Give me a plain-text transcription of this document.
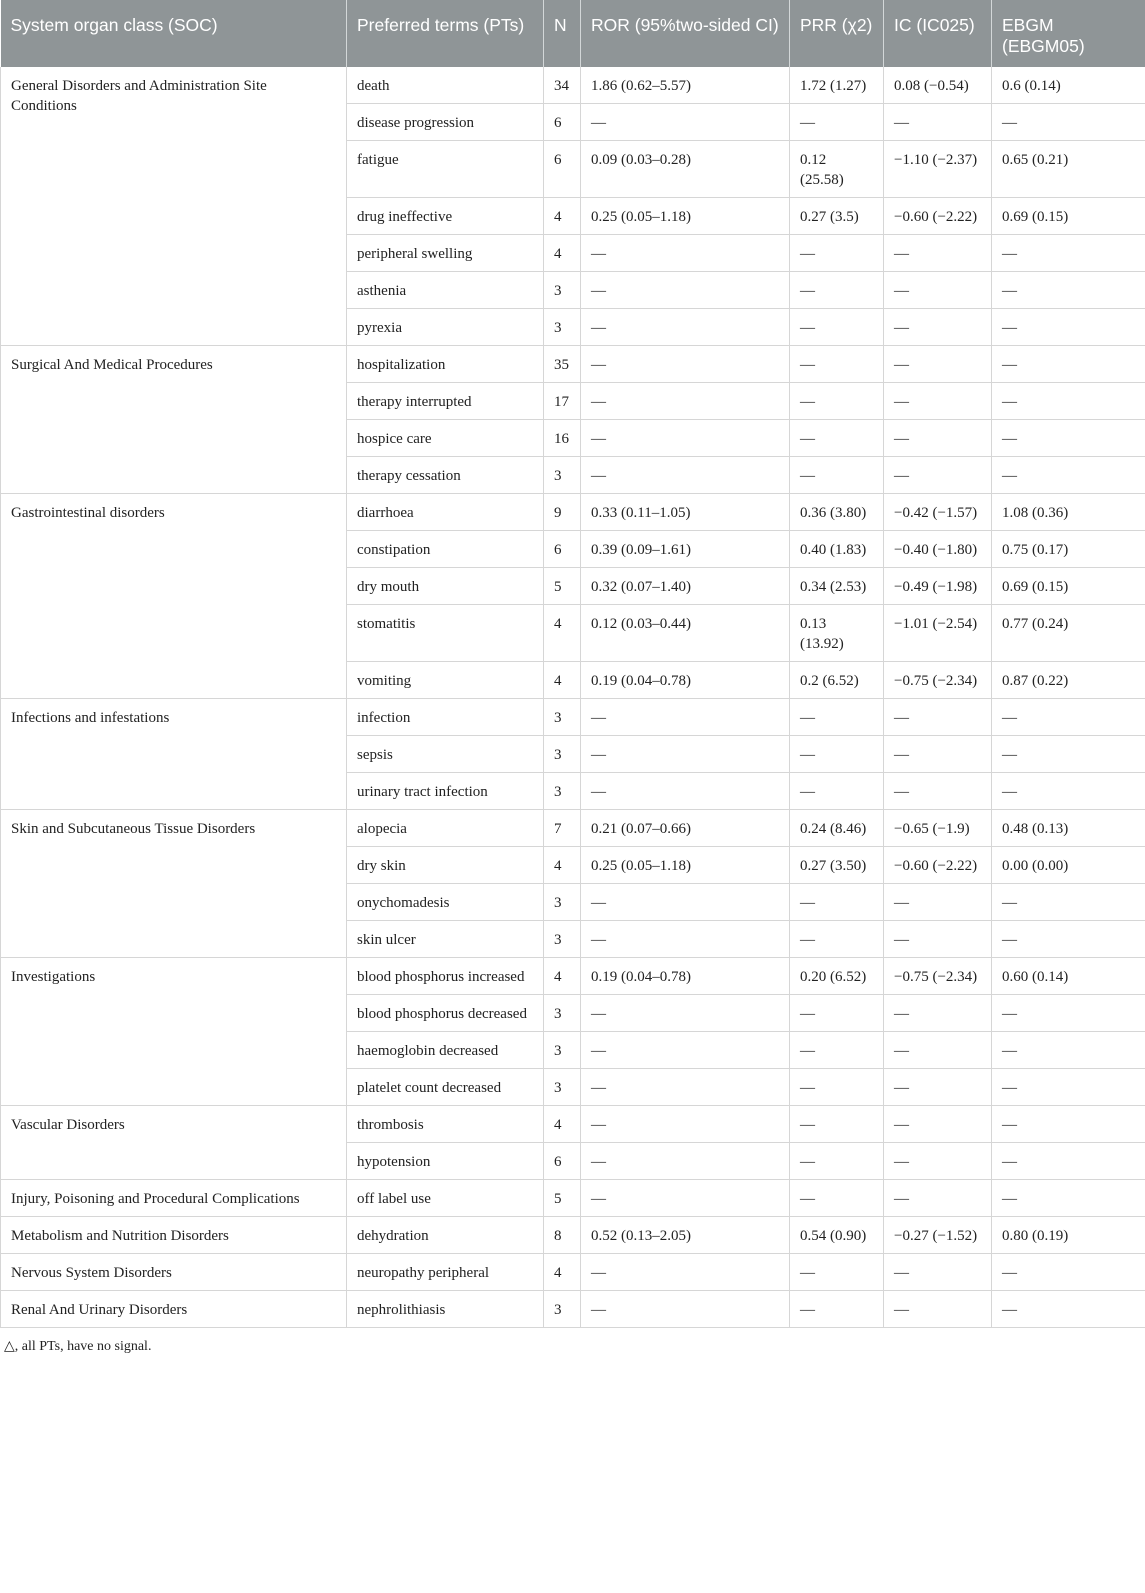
System organ class (SOC)	Preferred terms (PTs)	N	ROR (95%two-sided CI)	PRR (χ2)	IC (IC025)	EBGM (EBGM05)
General Disorders and Administration Site Conditions	death	34	1.86 (0.62–5.57)	1.72 (1.27)	0.08 (−0.54)	0.6 (0.14)
	disease progression	6	—	—	—	—
	fatigue	6	0.09 (0.03–0.28)	0.12 (25.58)	−1.10 (−2.37)	0.65 (0.21)
	drug ineffective	4	0.25 (0.05–1.18)	0.27 (3.5)	−0.60 (−2.22)	0.69 (0.15)
	peripheral swelling	4	—	—	—	—
	asthenia	3	—	—	—	—
	pyrexia	3	—	—	—	—
Surgical And Medical Procedures	hospitalization	35	—	—	—	—
	therapy interrupted	17	—	—	—	—
	hospice care	16	—	—	—	—
	therapy cessation	3	—	—	—	—
Gastrointestinal disorders	diarrhoea	9	0.33 (0.11–1.05)	0.36 (3.80)	−0.42 (−1.57)	1.08 (0.36)
	constipation	6	0.39 (0.09–1.61)	0.40 (1.83)	−0.40 (−1.80)	0.75 (0.17)
	dry mouth	5	0.32 (0.07–1.40)	0.34 (2.53)	−0.49 (−1.98)	0.69 (0.15)
	stomatitis	4	0.12 (0.03–0.44)	0.13 (13.92)	−1.01 (−2.54)	0.77 (0.24)
	vomiting	4	0.19 (0.04–0.78)	0.2 (6.52)	−0.75 (−2.34)	0.87 (0.22)
Infections and infestations	infection	3	—	—	—	—
	sepsis	3	—	—	—	—
	urinary tract infection	3	—	—	—	—
Skin and Subcutaneous Tissue Disorders	alopecia	7	0.21 (0.07–0.66)	0.24 (8.46)	−0.65 (−1.9)	0.48 (0.13)
	dry skin	4	0.25 (0.05–1.18)	0.27 (3.50)	−0.60 (−2.22)	0.00 (0.00)
	onychomadesis	3	—	—	—	—
	skin ulcer	3	—	—	—	—
Investigations	blood phosphorus increased	4	0.19 (0.04–0.78)	0.20 (6.52)	−0.75 (−2.34)	0.60 (0.14)
	blood phosphorus decreased	3	—	—	—	—
	haemoglobin decreased	3	—	—	—	—
	platelet count decreased	3	—	—	—	—
Vascular Disorders	thrombosis	4	—	—	—	—
	hypotension	6	—	—	—	—
Injury, Poisoning and Procedural Complications	off label use	5	—	—	—	—
Metabolism and Nutrition Disorders	dehydration	8	0.52 (0.13–2.05)	0.54 (0.90)	−0.27 (−1.52)	0.80 (0.19)
Nervous System Disorders	neuropathy peripheral	4	—	—	—	—
Renal And Urinary Disorders	nephrolithiasis	3	—	—	—	—
△, all PTs, have no signal.
